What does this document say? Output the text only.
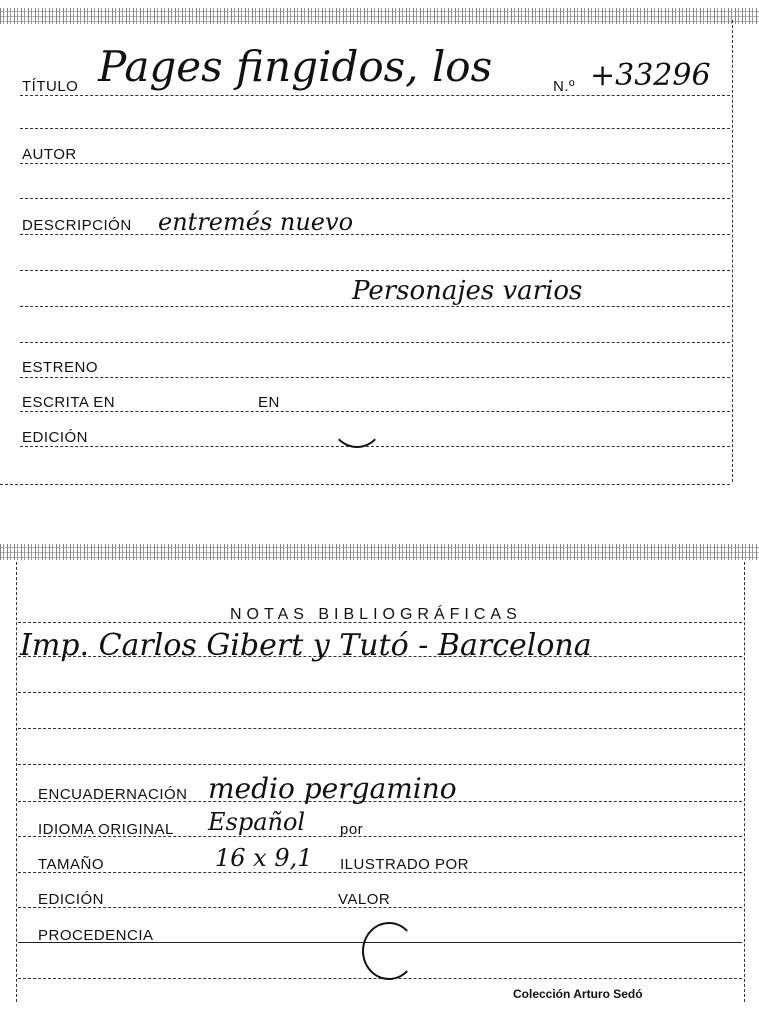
TÍTULO Pages fingidos, los	N.º +33296
AUTOR
DESCRIPCIÓN entremés nuevo
Personajes varios
ESTRENO
ESCRITA EN	EN
EDICIÓN
NOTAS BIBLIOGRÁFICAS
Imp. Carlos Gibert y Tutó - Barcelona
ENCUADERNACIÓN medio pergamino
IDIOMA ORIGINAL Español por
TAMAÑO	16 x 9,1 ILUSTRADO POR
EDICIÓN	VALOR
PROCEDENCIA
Colección Arturo Sedó
